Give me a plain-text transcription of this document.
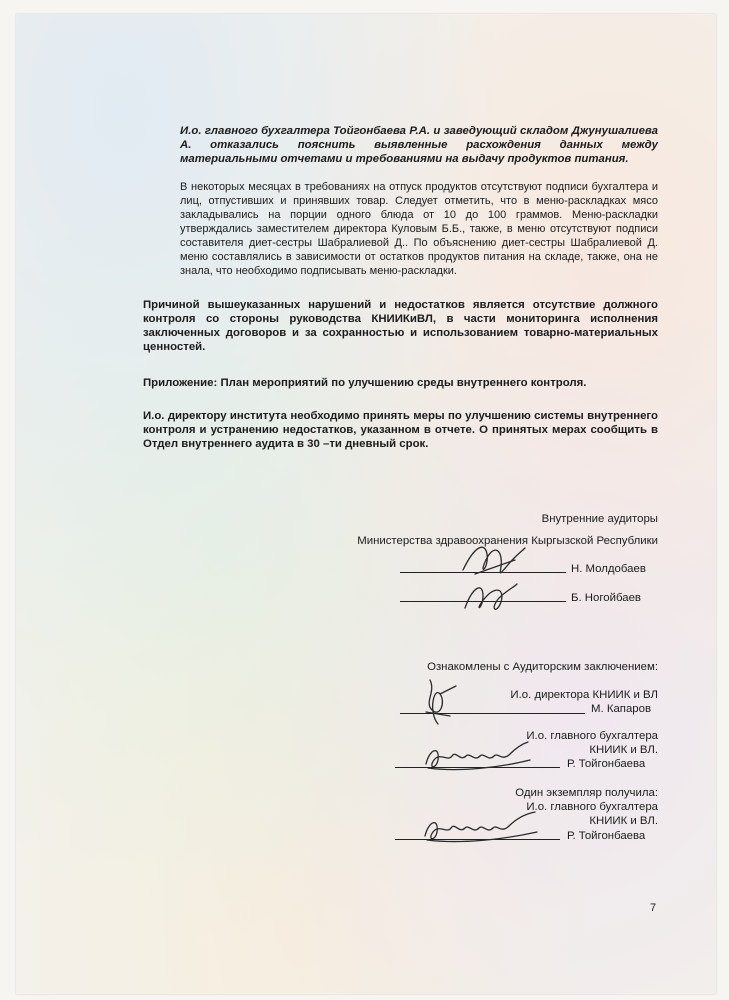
И.о. главного бухгалтера Тойгонбаева Р.А. и заведующий складом Джунушалиева А. отказались пояснить выявленные расхождения данных между материальными отчетами и требованиями на выдачу продуктов питания.
В некоторых месяцах в требованиях на отпуск продуктов отсутствуют подписи бухгалтера и лиц, отпустивших и принявших товар. Следует отметить, что в меню-раскладках мясо закладывались на порции одного блюда от 10 до 100 граммов. Меню-раскладки утверждались заместителем директора Куловым Б.Б., также, в меню отсутствуют подписи составителя диет-сестры Шабралиевой Д.. По объяснению диет-сестры Шабралиевой Д. меню составлялись в зависимости от остатков продуктов питания на складе, также, она не знала, что необходимо подписывать меню-раскладки.
Причиной вышеуказанных нарушений и недостатков является отсутствие должного контроля со стороны руководства КНИИКиВЛ, в части мониторинга исполнения заключенных договоров и за сохранностью и использованием товарно-материальных ценностей.
Приложение: План мероприятий по улучшению среды внутреннего контроля.
И.о. директору института необходимо принять меры по улучшению системы внутреннего контроля и устранению недостатков, указанном в отчете. О принятых мерах сообщить в Отдел внутреннего аудита в 30 –ти дневный срок.
Внутренние аудиторы
Министерства здравоохранения Кыргызской Республики
Н. Молдобаев
Б. Ногойбаев
Ознакомлены с Аудиторским заключением:
И.о. директора КНИИК и ВЛ
М. Капаров
И.о. главного бухгалтера
КНИИК и ВЛ.
Р. Тойгонбаева
Один экземпляр получила:
И.о. главного бухгалтера
КНИИК и ВЛ.
Р. Тойгонбаева
7
